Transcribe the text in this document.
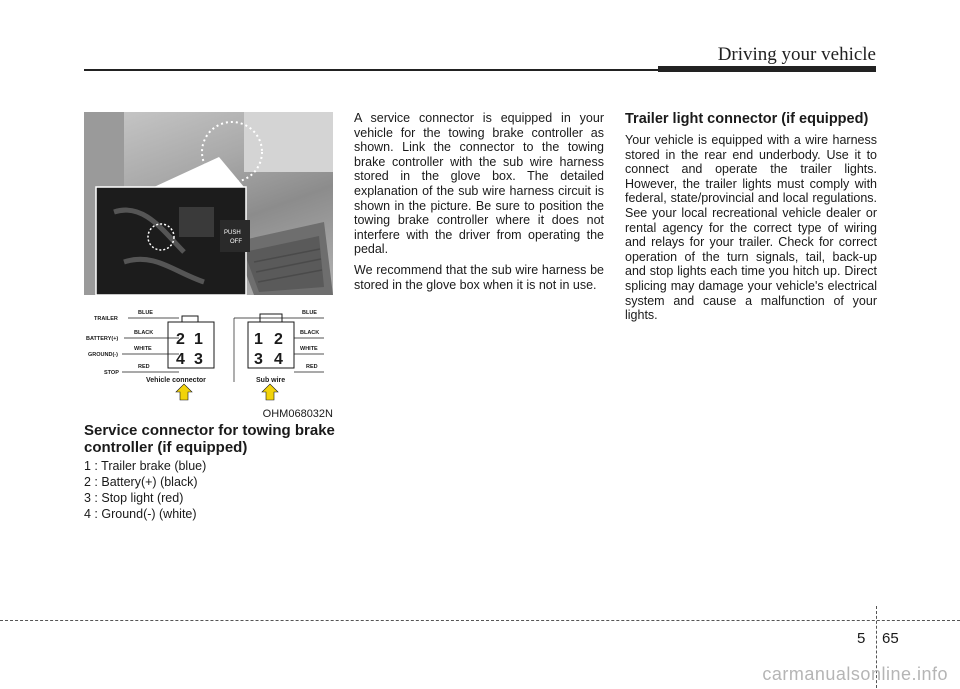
Driving your vehicle
PUSH
OFF
BLUE
TRAILER
BLACK
BATTERY(+)
WHITE
GROUND(-)
RED
STOP
BLUE
BLACK
WHITE
RED
2 1
4 3
1 2
3 4
Vehicle connector	Sub wire
OHM068032N
Service connector for towing brake controller (if equipped)
1 : Trailer brake (blue)
2 : Battery(+) (black)
3 : Stop light (red)
4 : Ground(-) (white)

A service connector is equipped in your vehicle for the towing brake controller as shown. Link the connector to the towing brake controller with the sub wire harness stored in the glove box. The detailed explanation of the sub wire harness circuit is shown in the picture. Be sure to position the towing brake controller where it does not interfere with the driver from operating the pedal.

We recommend that the sub wire harness be stored in the glove box when it is not in use.

Trailer light connector (if equipped)

Your vehicle is equipped with a wire harness stored in the rear end underbody. Use it to connect and operate the trailer lights. However, the trailer lights must comply with federal, state/provincial and local regulations. See your local recreational vehicle dealer or rental agency for the correct type of wiring and relays for your trailer. Check for correct operation of the turn signals, tail, back-up and stop lights each time you hitch up. Direct splicing may damage your vehicle's electrical system and cause a malfunction of your lights.

5 65
carmanualsonline.info
